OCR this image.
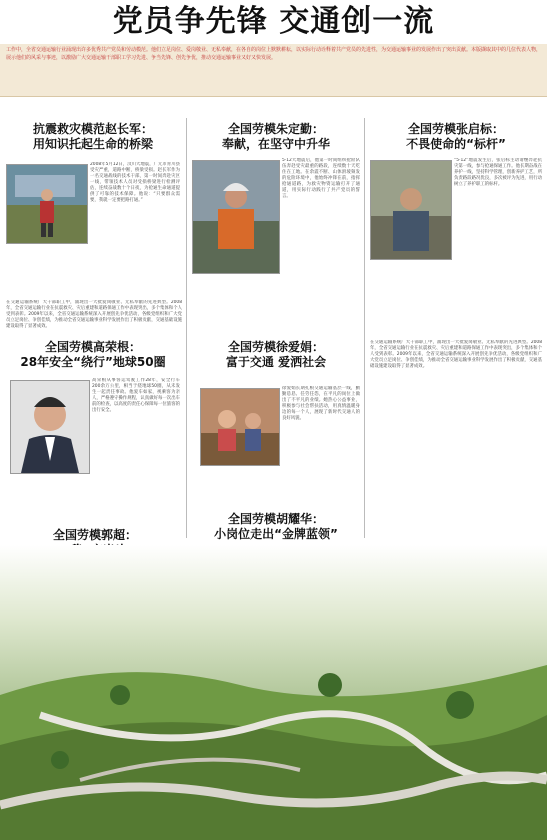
党员争先锋 交通创一流

工作中，全省交通运输行业涌现出许多优秀共产党员和劳动模范。他们立足岗位、爱岗敬业、无私奉献，在各自的岗位上默默耕耘，以实际行动诠释着共产党员的先进性，为交通运输事业的发展作出了突出贡献。本版撷取其中的几位代表人物，展示他们的风采与事迹，以激励广大交通运输干部职工学习先进、争当先锋、创先争优，推动交通运输事业又好又快发展。

抗震救灾模范赵长军：
用知识托起生命的桥梁
2008年5月12日，汶川大地震，广元市青川县受灾严重，道路中断，桥梁受损。赵长军作为一名交通战线的技术干部，第一时间奔赴灾区一线，带领技术人员对受损桥梁进行检测评估，连续奋战数十个日夜，为抢通生命通道提供了可靠的技术保障。他说：“只要群众需要，我就一定要把路打通。”
在交通运输系统广大干部职工中，涌现出一大批爱岗敬业、无私奉献的先进典型。2008年，全省交通运输行业在抗震救灾、灾后重建和道路保通工作中表现突出，多个集体和个人受到表彰。2009年以来，全省交通运输系统深入开展创先争优活动，各级党组织和广大党员立足岗位、争创佳绩，为推动全省交通运输事业科学发展作出了积极贡献，交通基础设施建设取得了显著成效。
全国劳模朱定勤：
奉献，在坚守中升华
5·12大地震后，他第一时间组织抢险队伍奔赴受灾最重的路段，连续数十天吃住在工地。在余震不断、山体滑坡频发的危险环境中，他始终冲锋在前，指挥抢通道路，为救灾物资运输打开了通道，用实际行动践行了共产党员的誓言。
全国劳模张启标：
不畏使命的“标杆”
“5·12”地震发生后，张启标主动请缨奔赴抗灾第一线，参与抢通保通工作。他长期奋战在养护一线，坚持科学管理，创新养护工艺，所负责路段路况优良，多次被评为先进，用行动树立了养护职工的标杆。
在交通运输系统广大干部职工中，涌现出一大批爱岗敬业、无私奉献的先进典型。2008年，全省交通运输行业在抗震救灾、灾后重建和道路保通工作中表现突出，多个集体和个人受到表彰。2009年以来，全省交通运输系统深入开展创先争优活动，各级党组织和广大党员立足岗位、争创佳绩，为推动全省交通运输事业科学发展作出了积极贡献，交通基础设施建设取得了显著成效。
全国劳模高荣根：
28年安全“绕行”地球50圈
高荣根从事客运驾驶工作28年，安全行车200余万公里，相当于绕地球50圈，从未发生一起责任事故。他爱车如家，视乘客为亲人，严格遵守操作规程，认真做好每一次出车前的检查，以高度的责任心保障每一位旅客的出行安全。
全国劳模徐爱娟：
富于交通 爱洒社会
徐爱娟长期扎根交通运输基层一线，勤勤恳恳、任劳任怨，在平凡的岗位上做出了不平凡的业绩。她热心公益事业，积极参与社会帮扶活动，用真情温暖身边的每一个人，展现了新时代交通人的良好风貌。
全国劳模胡耀华：
小岗位走出“金牌蓝领”
全国劳模郭超：
